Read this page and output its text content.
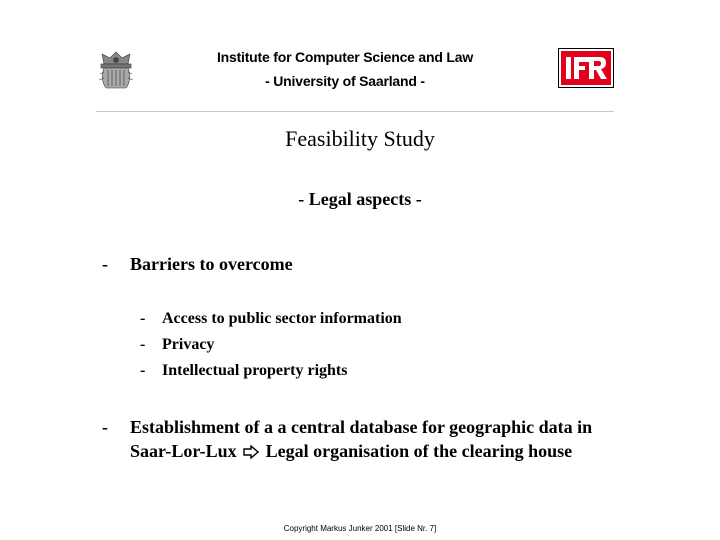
Institute for Computer Science and Law
- University of Saarland -
Feasibility Study
- Legal aspects -
- Barriers to overcome
- Access to public sector information
- Privacy
- Intellectual property rights
- Establishment of a a central database for geographic data in Saar-Lor-Lux Legal organisation of the clearing house
Copyright Markus Junker 2001 [Slide Nr. 7]
